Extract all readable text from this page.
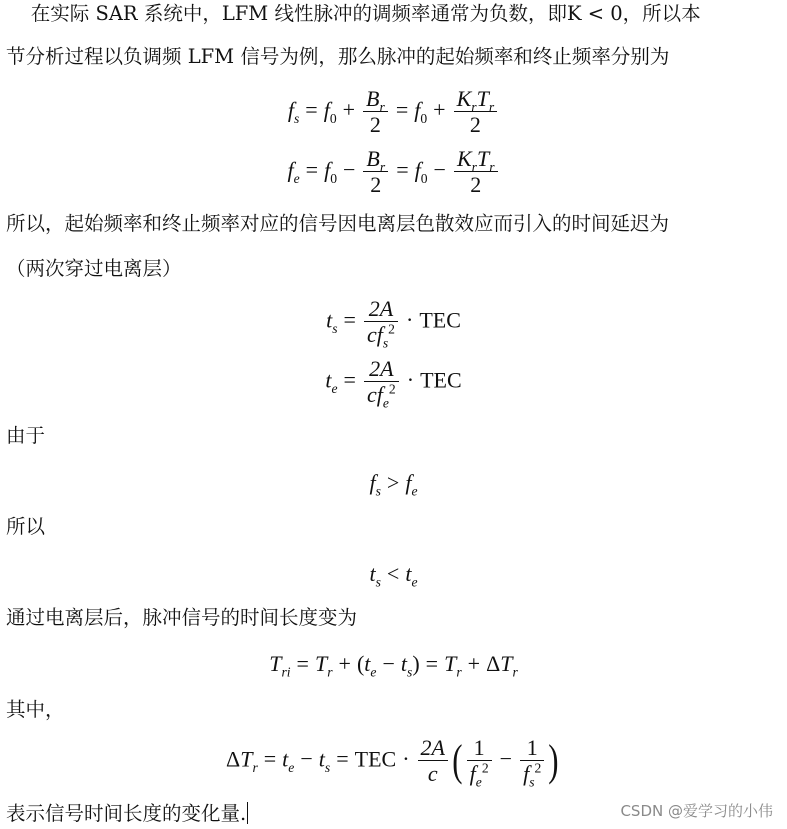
在实际 SAR 系统中，LFM 线性脉冲的调频率通常为负数，即K < 0，所以本
节分析过程以负调频 LFM 信号为例，那么脉冲的起始频率和终止频率分别为
$f_s = f_0 + \frac{B_r}{2} = f_0 + \frac{K_rT_r}{2}$
$f_e = f_0 - \frac{B_r}{2} = f_0 - \frac{K_rT_r}{2}$
所以，起始频率和终止频率对应的信号因电离层色散效应而引入的时间延迟为
（两次穿过电离层）
$t_s = \frac{2A}{cf_s^2}$ · TEC
$t_e = \frac{2A}{cf_e^2}$ · TEC
由于
$f_s > f_e$
所以
$t_s < t_e$
通过电离层后，脉冲信号的时间长度变为
$T_{ri} = T_r + (t_e - t_s) = T_r + \Delta T_r$
其中，
$\Delta T_r = t_e - t_s$ = TEC · $\frac{2A}{c}$ ( $\frac{1}{f_e^2} - \frac{1}{f_s^2}$ )
表示信号时间长度的变化量.	CSDN @爱学习的小伟
